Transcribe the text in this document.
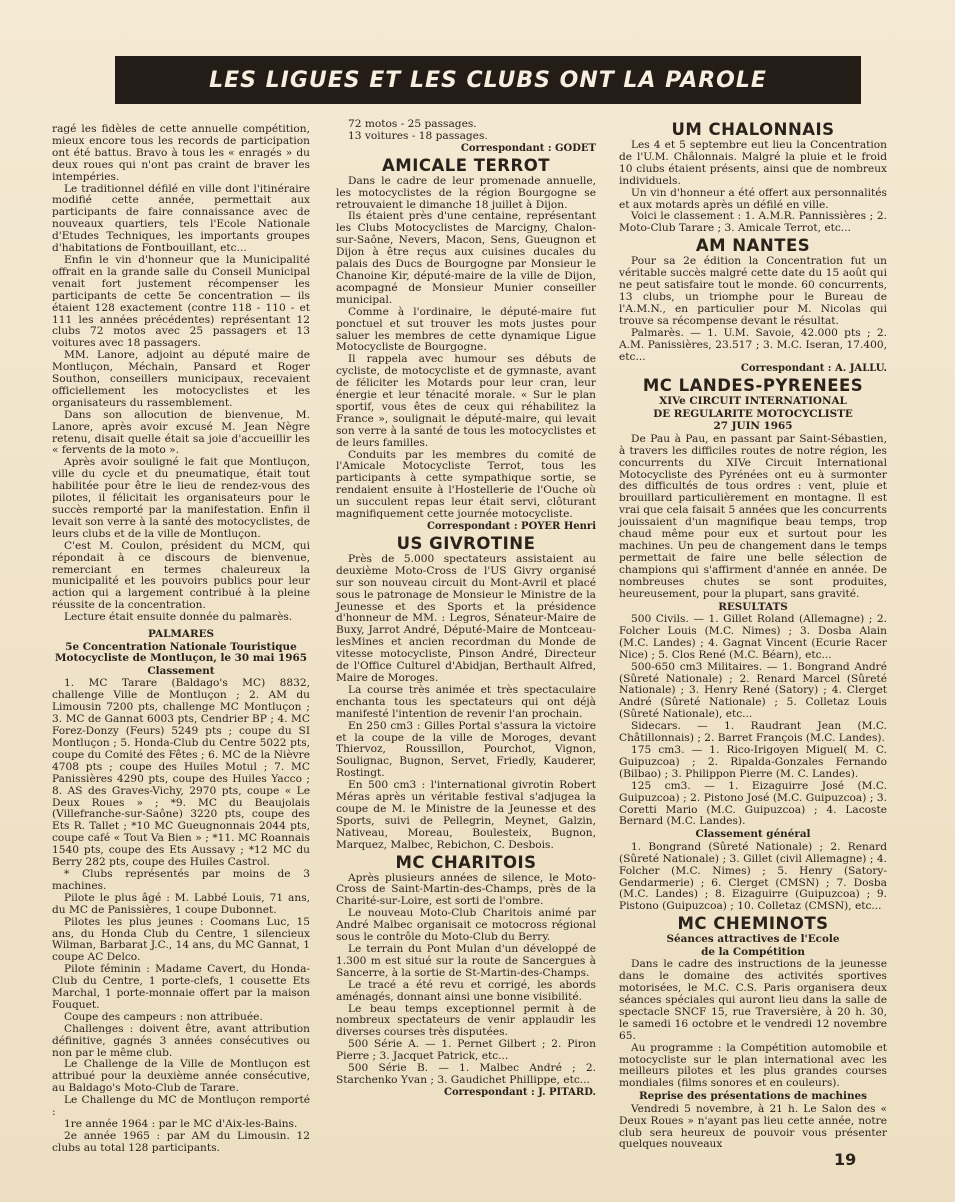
LES LIGUES ET LES CLUBS ONT LA PAROLE

ragé les fidèles de cette annuelle compétition, mieux encore tous les records de participation ont été battus. Bravo à tous les « enragés » du deux roues qui n'ont pas craint de braver les intempéries.

Le traditionnel défilé en ville dont l'itinéraire modifié cette année, permettait aux participants de faire connaissance avec de nouveaux quartiers, tels l'Ecole Nationale d'Etudes Techniques, les importants groupes d'habitations de Fontbouillant, etc...

Enfin le vin d'honneur que la Municipalité offrait en la grande salle du Conseil Municipal venait fort justement récompenser les participants de cette 5e concentration — ils étaient 128 exactement (contre 118 - 110 - et 111 les années précédentes) représentant 12 clubs 72 motos avec 25 passagers et 13 voitures avec 18 passagers.

MM. Lanore, adjoint au député maire de Montluçon, Méchain, Pansard et Roger Southon, conseillers municipaux, recevaient officiellement les motocyclistes et les organisateurs du rassemblement.

Dans son allocution de bienvenue, M. Lanore, après avoir excusé M. Jean Nègre retenu, disait quelle était sa joie d'accueillir les « fervents de la moto ».

Après avoir souligné le fait que Montluçon, ville du cycle et du pneumatique, était tout habilitée pour être le lieu de rendez-vous des pilotes, il félicitait les organisateurs pour le succès remporté par la manifestation. Enfin il levait son verre à la santé des motocyclistes, de leurs clubs et de la ville de Montluçon.

C'est M. Coulon, président du MCM, qui répondait à ce discours de bienvenue, remerciant en termes chaleureux la municipalité et les pouvoirs publics pour leur action qui a largement contribué à la pleine réussite de la concentration.

Lecture était ensuite donnée du palmarès.

PALMARES
5e Concentration Nationale Touristique Motocycliste de Montluçon, le 30 mai 1965
Classement

1. MC Tarare (Baldago's MC) 8832, challenge Ville de Montluçon ; 2. AM du Limousin 7200 pts, challenge MC Montluçon ; 3. MC de Gannat 6003 pts, Cendrier BP ; 4. MC Forez-Donzy (Feurs) 5249 pts ; coupe du SI Montluçon ; 5. Honda-Club du Centre 5022 pts, coupe du Comité des Fêtes ; 6. MC de la Nièvre 4708 pts ; coupe des Huiles Motul ; 7. MC Panissières 4290 pts, coupe des Huiles Yacco ; 8. AS des Graves-Vichy, 2970 pts, coupe « Le Deux Roues » ; *9. MC du Beaujolais (Villefranche-sur-Saône) 3220 pts, coupe des Ets R. Tallet ; *10 MC Gueugnonnais 2044 pts, coupe café « Tout Va Bien » ; *11. MC Roannais 1540 pts, coupe des Ets Aussavy ; *12 MC du Berry 282 pts, coupe des Huiles Castrol.

* Clubs représentés par moins de 3 machines.

Pilote le plus âgé : M. Labbé Louis, 71 ans, du MC de Panissières, 1 coupe Dubonnet.

Pilotes les plus jeunes : Coomans Luc, 15 ans, du Honda Club du Centre, 1 silencieux Wilman, Barbarat J.C., 14 ans, du MC Gannat, 1 coupe AC Delco.

Pilote féminin : Madame Cavert, du Honda-Club du Centre, 1 porte-clefs, 1 cousette Ets Marchal, 1 porte-monnaie offert par la maison Fouquet.

Coupe des campeurs : non attribuée.

Challenges : doivent être, avant attribution définitive, gagnés 3 années consécutives ou non par le même club.

Le Challenge de la Ville de Montluçon est attribué pour la deuxième année consécutive, au Baldago's Moto-Club de Tarare.

Le Challenge du MC de Montluçon remporté :

1re année 1964 : par le MC d'Aix-les-Bains.

2e année 1965 : par AM du Limousin. 12 clubs au total 128 participants.

72 motos - 25 passages.

13 voitures - 18 passages.

Correspondant : GODET

AMICALE TERROT

Dans le cadre de leur promenade annuelle, les motocyclistes de la région Bourgogne se retrouvaient le dimanche 18 juillet à Dijon.

Ils étaient près d'une centaine, représentant les Clubs Motocyclistes de Marcigny, Chalon-sur-Saône, Nevers, Macon, Sens, Gueugnon et Dijon à être reçus aux cuisines ducales du palais des Ducs de Bourgogne par Monsieur le Chanoine Kir, député-maire de la ville de Dijon, acompagné de Monsieur Munier conseiller municipal.

Comme à l'ordinaire, le député-maire fut ponctuel et sut trouver les mots justes pour saluer les membres de cette dynamique Ligue Motocycliste de Bourgogne.

Il rappela avec humour ses débuts de cycliste, de motocycliste et de gymnaste, avant de féliciter les Motards pour leur cran, leur énergie et leur ténacité morale. « Sur le plan sportif, vous êtes de ceux qui réhabilitez la France », soulignait le député-maire, qui levait son verre à la santé de tous les motocyclistes et de leurs familles.

Conduits par les membres du comité de l'Amicale Motocycliste Terrot, tous les participants à cette sympathique sortie, se rendaient ensuite à l'Hostellerie de l'Ouche où un succulent repas leur était servi, clôturant magnifiquement cette journée motocycliste.

Correspondant : POYER Henri

US GIVROTINE

Près de 5.000 spectateurs assistaient au deuxième Moto-Cross de l'US Givry organisé sur son nouveau circuit du Mont-Avril et placé sous le patronage de Monsieur le Ministre de la Jeunesse et des Sports et la présidence d'honneur de MM. : Legros, Sénateur-Maire de Buxy, Jarrot André, Député-Maire de Montceau-lesMines et ancien recordman du Monde de vitesse motocycliste, Pinson André, Directeur de l'Office Culturel d'Abidjan, Berthault Alfred, Maire de Moroges.

La course très animée et très spectaculaire enchanta tous les spectateurs qui ont déjà manifesté l'intention de revenir l'an prochain.

En 250 cm3 : Gilles Portal s'assura la victoire et la coupe de la ville de Moroges, devant Thiervoz, Roussillon, Pourchot, Vignon, Soulignac, Bugnon, Servet, Friedly, Kauderer, Rostingt.

En 500 cm3 : l'international givrotin Robert Méras après un véritable festival s'adjugea la coupe de M. le Ministre de la Jeunesse et des Sports, suivi de Pellegrin, Meynet, Galzin, Nativeau, Moreau, Boulesteix, Bugnon, Marquez, Malbec, Rebichon, C. Desbois.

MC CHARITOIS

Après plusieurs années de silence, le Moto-Cross de Saint-Martin-des-Champs, près de la Charité-sur-Loire, est sorti de l'ombre.

Le nouveau Moto-Club Charitois animé par André Malbec organisait ce motocross régional sous le contrôle du Moto-Club du Berry.

Le terrain du Pont Mulan d'un développé de 1.300 m est situé sur la route de Sancergues à Sancerre, à la sortie de St-Martin-des-Champs.

Le tracé a été revu et corrigé, les abords aménagés, donnant ainsi une bonne visibilité.

Le beau temps exceptionnel permit à de nombreux spectateurs de venir applaudir les diverses courses très disputées.

500 Série A. — 1. Pernet Gilbert ; 2. Piron Pierre ; 3. Jacquet Patrick, etc...

500 Série B. — 1. Malbec André ; 2. Starchenko Yvan ; 3. Gaudichet Phillippe, etc...

Correspondant : J. PITARD.

UM CHALONNAIS

Les 4 et 5 septembre eut lieu la Concentration de l'U.M. Châlonnais. Malgré la pluie et le froid 10 clubs étaient présents, ainsi que de nombreux individuels.

Un vin d'honneur a été offert aux personnalités et aux motards après un défilé en ville.

Voici le classement : 1. A.M.R. Pannissières ; 2. Moto-Club Tarare ; 3. Amicale Terrot, etc...

AM NANTES

Pour sa 2e édition la Concentration fut un véritable succès malgré cette date du 15 août qui ne peut satisfaire tout le monde. 60 concurrents, 13 clubs, un triomphe pour le Bureau de l'A.M.N., en particulier pour M. Nicolas qui trouve sa récompense devant le résultat.

Palmarès. — 1. U.M. Savoie, 42.000 pts ; 2. A.M. Panissières, 23.517 ; 3. M.C. Iseran, 17.400, etc...

Correspondant : A. JALLU.

MC LANDES-PYRENEES
XIVe CIRCUIT INTERNATIONAL
DE REGULARITE MOTOCYCLISTE
27 JUIN 1965

De Pau à Pau, en passant par Saint-Sébastien, à travers les difficiles routes de notre région, les concurrents du XIVe Circuit International Motocycliste des Pyrénées ont eu à surmonter des difficultés de tous ordres : vent, pluie et brouillard particulièrement en montagne. Il est vrai que cela faisait 5 années que les concurrents jouissaient d'un magnifique beau temps, trop chaud même pour eux et surtout pour les machines. Un peu de changement dans le temps permettait de faire une belle sélection de champions qui s'affirment d'année en année. De nombreuses chutes se sont produites, heureusement, pour la plupart, sans gravité.

RESULTATS

500 Civils. — 1. Gillet Roland (Allemagne) ; 2. Folcher Louis (M.C. Nimes) ; 3. Dosba Alain (M.C. Landes) ; 4. Gagnat Vincent (Ecurie Racer Nice) ; 5. Clos René (M.C. Béarn), etc...

500-650 cm3 Militaires. — 1. Bongrand André (Sûreté Nationale) ; 2. Renard Marcel (Sûreté Nationale) ; 3. Henry René (Satory) ; 4. Clerget André (Sûreté Nationale) ; 5. Colletaz Louis (Sûreté Nationale), etc...

Sidecars. — 1. Raudrant Jean (M.C. Châtillonnais) ; 2. Barret François (M.C. Landes).

175 cm3. — 1. Rico-Irigoyen Miguel( M. C. Guipuzcoa) ; 2. Ripalda-Gonzales Fernando (Bilbao) ; 3. Philippon Pierre (M. C. Landes).

125 cm3. — 1. Eizaguirre José (M.C. Guipuzcoa) ; 2. Pistono José (M.C. Guipuzcoa) ; 3. Coretti Mario (M.C. Guipuzcoa) ; 4. Lacoste Bernard (M.C. Landes).

Classement général

1. Bongrand (Sûreté Nationale) ; 2. Renard (Sûreté Nationale) ; 3. Gillet (civil Allemagne) ; 4. Folcher (M.C. Nimes) ; 5. Henry (Satory-Gendarmerie) ; 6. Clerget (CMSN) ; 7. Dosba (M.C. Landes) ; 8. Eizaguirre (Guipuzcoa) ; 9. Pistono (Guipuzcoa) ; 10. Colletaz (CMSN), etc...

MC CHEMINOTS
Séances attractives de l'Ecole
de la Compétition

Dans le cadre des instructions de la jeunesse dans le domaine des activités sportives motorisées, le M.C. C.S. Paris organisera deux séances spéciales qui auront lieu dans la salle de spectacle SNCF 15, rue Traversière, à 20 h. 30, le samedi 16 octobre et le vendredi 12 novembre 65.

Au programme : la Compétition automobile et motocycliste sur le plan international avec les meilleurs pilotes et les plus grandes courses mondiales (films sonores et en couleurs).

Reprise des présentations de machines

Vendredi 5 novembre, à 21 h. Le Salon des « Deux Roues » n'ayant pas lieu cette année, notre club sera heureux de pouvoir vous présenter quelques nouveaux

19
